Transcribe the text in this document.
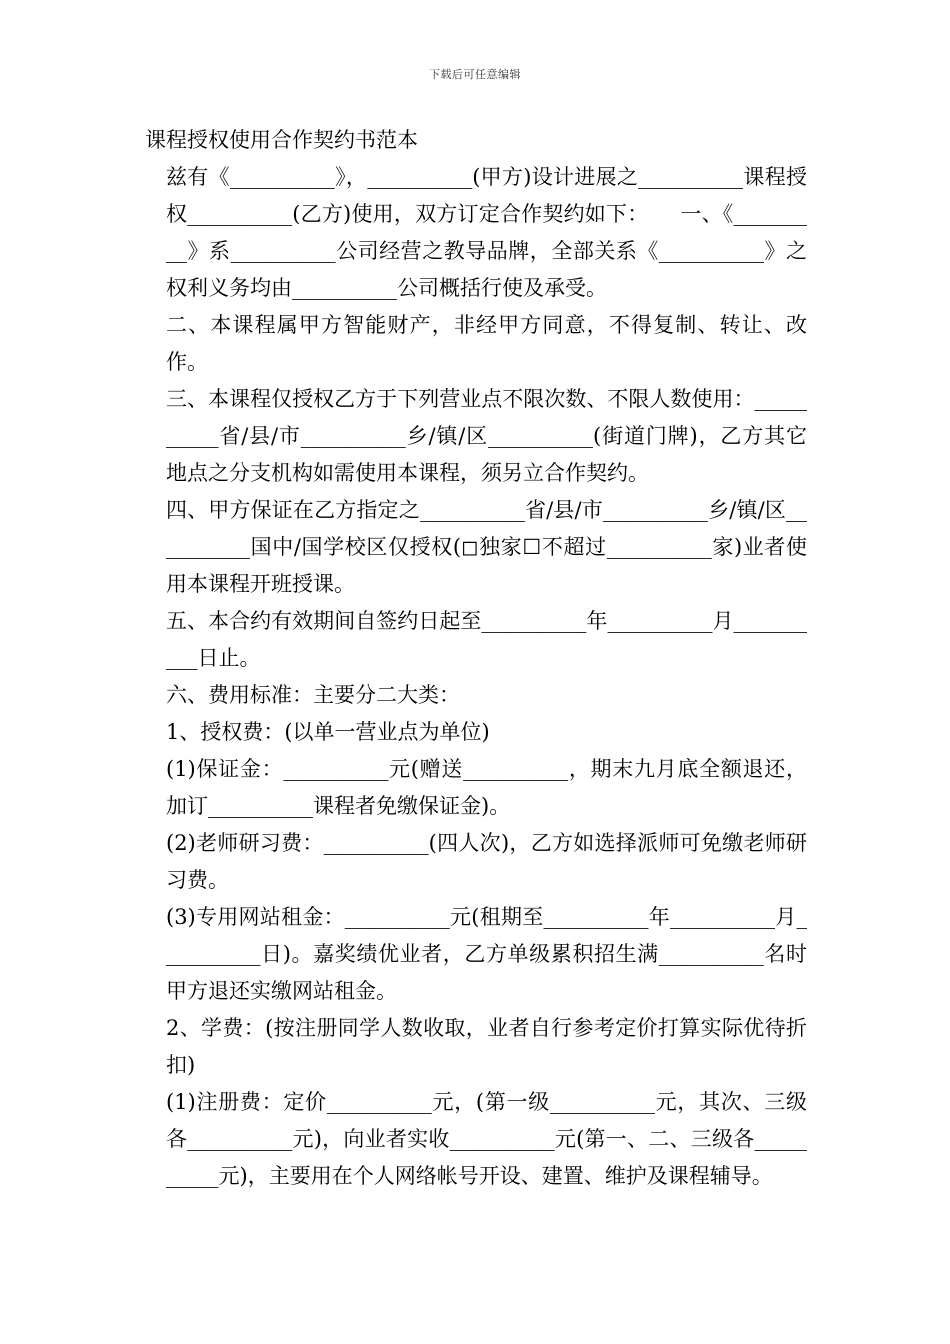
下载后可任意编辑
课程授权使用合作契约书范本

兹有《__________》，__________(甲方)设计进展之__________课程授权__________(乙方)使用，双方订定合作契约如下：　　一、《_________》系__________公司经营之教导品牌，全部关系《__________》之权利义务均由__________公司概括行使及承受。

二、本课程属甲方智能财产，非经甲方同意，不得复制、转让、改作。

三、本课程仅授权乙方于下列营业点不限次数、不限人数使用：__________省/县/市__________乡/镇/区__________(街道门牌)，乙方其它地点之分支机构如需使用本课程，须另立合作契约。

四、甲方保证在乙方指定之__________省/县/市__________乡/镇/区__________国中/国学校区仅授权(◻独家☐不超过__________家)业者使用本课程开班授课。

五、本合约有效期间自签约日起至__________年__________月__________日止。

六、费用标准：主要分二大类：

1、授权费：(以单一营业点为单位)

(1)保证金：__________元(赠送__________，期末九月底全额退还，加订__________课程者免缴保证金)。

(2)老师研习费：__________(四人次)，乙方如选择派师可免缴老师研习费。

(3)专用网站租金：__________元(租期至__________年__________月__________日)。嘉奖绩优业者，乙方单级累积招生满__________名时甲方退还实缴网站租金。

2、学费：(按注册同学人数收取，业者自行参考定价打算实际优待折扣)

(1)注册费：定价__________元，(第一级__________元，其次、三级各__________元)，向业者实收__________元(第一、二、三级各__________元)，主要用在个人网络帐号开设、建置、维护及课程辅导。
